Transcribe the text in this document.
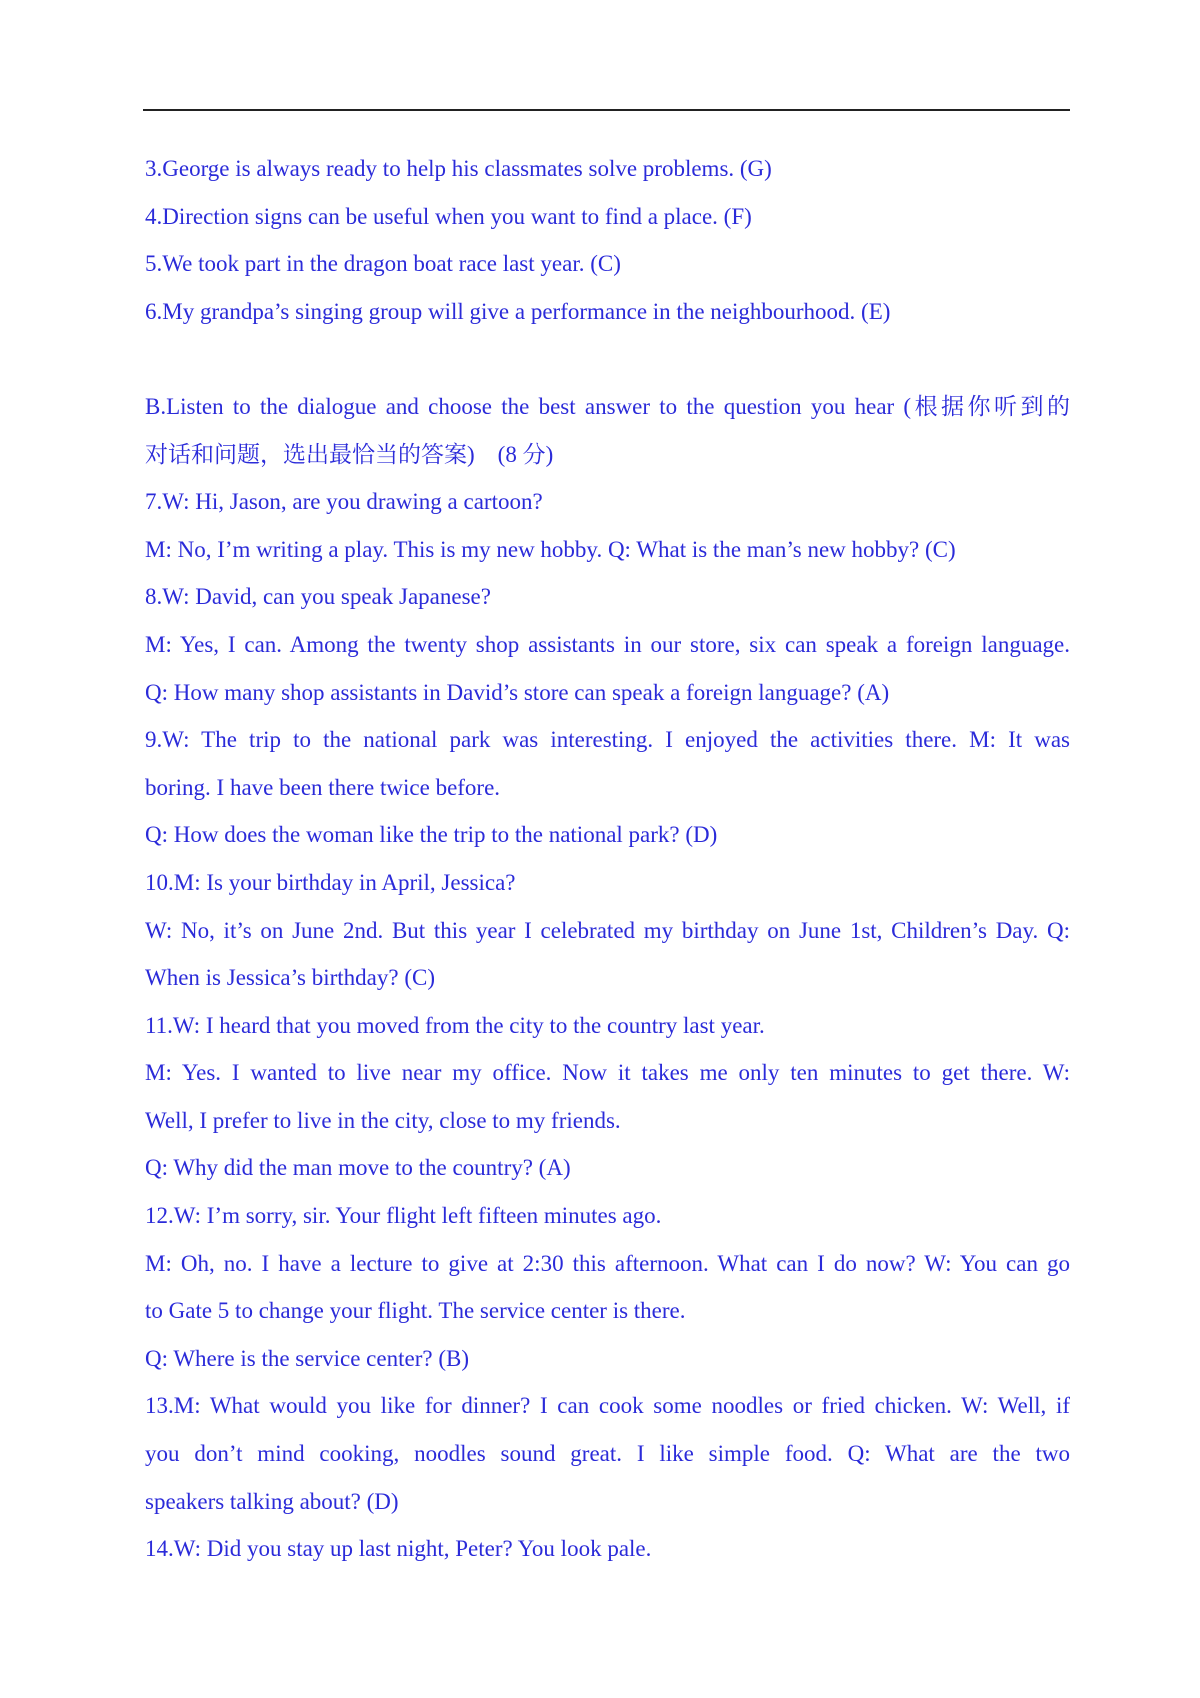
3.George is always ready to help his classmates solve problems. (G)
4.Direction signs can be useful when you want to find a place. (F)
5.We took part in the dragon boat race last year. (C)
6.My grandpa’s singing group will give a performance in the neighbourhood. (E)
B.Listen to the dialogue and choose the best answer to the question you hear (根据你听到的
对话和问题，选出最恰当的答案)　(8 分)
7.W: Hi, Jason, are you drawing a cartoon?
M: No, I’m writing a play. This is my new hobby. Q: What is the man’s new hobby? (C)
8.W: David, can you speak Japanese?
M: Yes, I can. Among the twenty shop assistants in our store, six can speak a foreign language.
Q: How many shop assistants in David’s store can speak a foreign language? (A)
9.W: The trip to the national park was interesting. I enjoyed the activities there. M: It was
boring. I have been there twice before.
Q: How does the woman like the trip to the national park? (D)
10.M: Is your birthday in April, Jessica?
W: No, it’s on June 2nd. But this year I celebrated my birthday on June 1st, Children’s Day. Q:
When is Jessica’s birthday? (C)
11.W: I heard that you moved from the city to the country last year.
M: Yes. I wanted to live near my office. Now it takes me only ten minutes to get there. W:
Well, I prefer to live in the city, close to my friends.
Q: Why did the man move to the country? (A)
12.W: I’m sorry, sir. Your flight left fifteen minutes ago.
M: Oh, no. I have a lecture to give at 2:30 this afternoon. What can I do now? W: You can go
to Gate 5 to change your flight. The service center is there.
Q: Where is the service center? (B)
13.M: What would you like for dinner? I can cook some noodles or fried chicken. W: Well, if
you don’t mind cooking, noodles sound great. I like simple food. Q: What are the two
speakers talking about? (D)
14.W: Did you stay up last night, Peter? You look pale.
